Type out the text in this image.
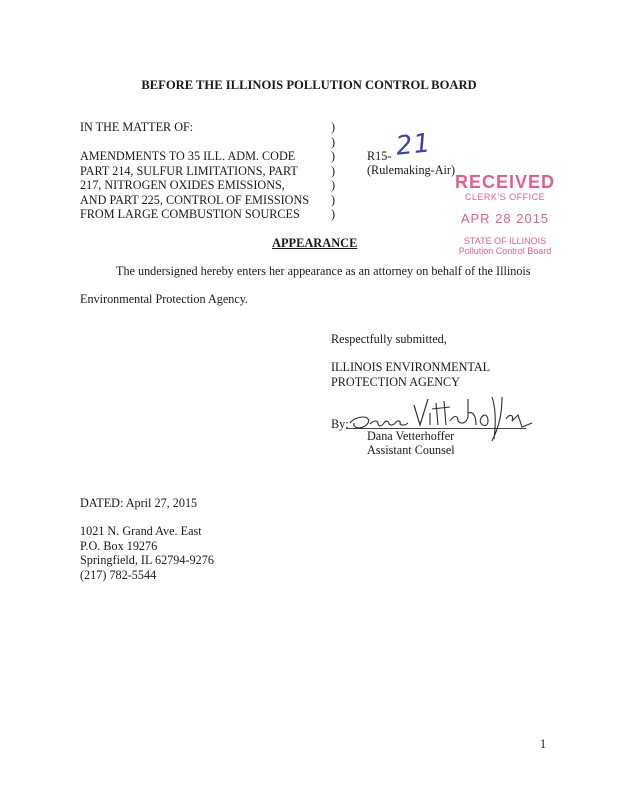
BEFORE THE ILLINOIS POLLUTION CONTROL BOARD
IN THE MATTER OF:
AMENDMENTS TO 35 ILL. ADM. CODE
PART 214, SULFUR LIMITATIONS, PART
217, NITROGEN OXIDES EMISSIONS,
AND PART 225, CONTROL OF EMISSIONS
FROM LARGE COMBUSTION SOURCES
)
)
)
)
)
)
)
R15- 21
(Rulemaking-Air)
RECEIVED
CLERK'S OFFICE
APR 28 2015
STATE OF ILLINOIS
Pollution Control Board
APPEARANCE
The undersigned hereby enters her appearance as an attorney on behalf of the Illinois
Environmental Protection Agency.
Respectfully submitted,
ILLINOIS ENVIRONMENTAL
PROTECTION AGENCY
By:
Dana Vetterhoffer
Assistant Counsel
DATED: April 27, 2015
1021 N. Grand Ave. East
P.O. Box 19276
Springfield, IL 62794-9276
(217) 782-5544
1
